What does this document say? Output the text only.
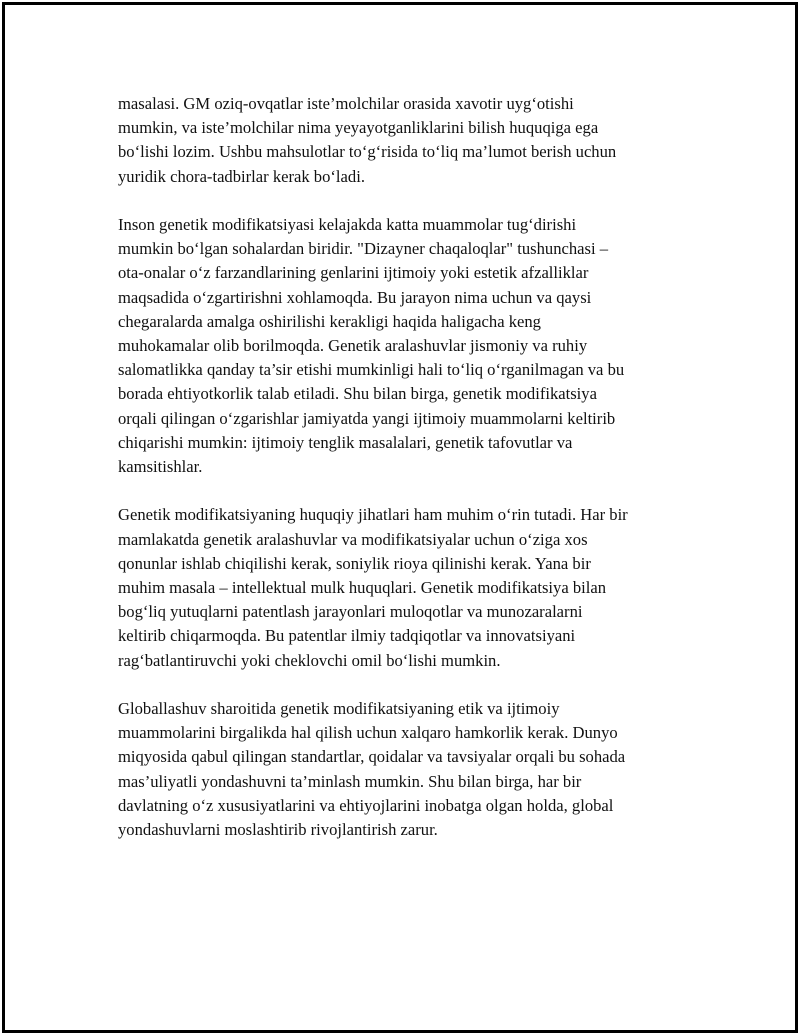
masalasi. GM oziq-ovqatlar iste’molchilar orasida xavotir uyg‘otishi
mumkin, va iste’molchilar nima yeyayotganliklarini bilish huquqiga ega
bo‘lishi lozim. Ushbu mahsulotlar to‘g‘risida to‘liq ma’lumot berish uchun
yuridik chora-tadbirlar kerak bo‘ladi.

Inson genetik modifikatsiyasi kelajakda katta muammolar tug‘dirishi
mumkin bo‘lgan sohalardan biridir. "Dizayner chaqaloqlar" tushunchasi –
ota-onalar o‘z farzandlarining genlarini ijtimoiy yoki estetik afzalliklar
maqsadida o‘zgartirishni xohlamoqda. Bu jarayon nima uchun va qaysi
chegaralarda amalga oshirilishi kerakligi haqida haligacha keng
muhokamalar olib borilmoqda. Genetik aralashuvlar jismoniy va ruhiy
salomatlikka qanday ta’sir etishi mumkinligi hali to‘liq o‘rganilmagan va bu
borada ehtiyotkorlik talab etiladi. Shu bilan birga, genetik modifikatsiya
orqali qilingan o‘zgarishlar jamiyatda yangi ijtimoiy muammolarni keltirib
chiqarishi mumkin: ijtimoiy tenglik masalalari, genetik tafovutlar va
kamsitishlar.

Genetik modifikatsiyaning huquqiy jihatlari ham muhim o‘rin tutadi. Har bir
mamlakatda genetik aralashuvlar va modifikatsiyalar uchun o‘ziga xos
qonunlar ishlab chiqilishi kerak, soniylik rioya qilinishi kerak. Yana bir
muhim masala – intellektual mulk huquqlari. Genetik modifikatsiya bilan
bog‘liq yutuqlarni patentlash jarayonlari muloqotlar va munozaralarni
keltirib chiqarmoqda. Bu patentlar ilmiy tadqiqotlar va innovatsiyani
rag‘batlantiruvchi yoki cheklovchi omil bo‘lishi mumkin.

Globallashuv sharoitida genetik modifikatsiyaning etik va ijtimoiy
muammolarini birgalikda hal qilish uchun xalqaro hamkorlik kerak. Dunyo
miqyosida qabul qilingan standartlar, qoidalar va tavsiyalar orqali bu sohada
mas’uliyatli yondashuvni ta’minlash mumkin. Shu bilan birga, har bir
davlatning o‘z xususiyatlarini va ehtiyojlarini inobatga olgan holda, global
yondashuvlarni moslashtirib rivojlantirish zarur.
